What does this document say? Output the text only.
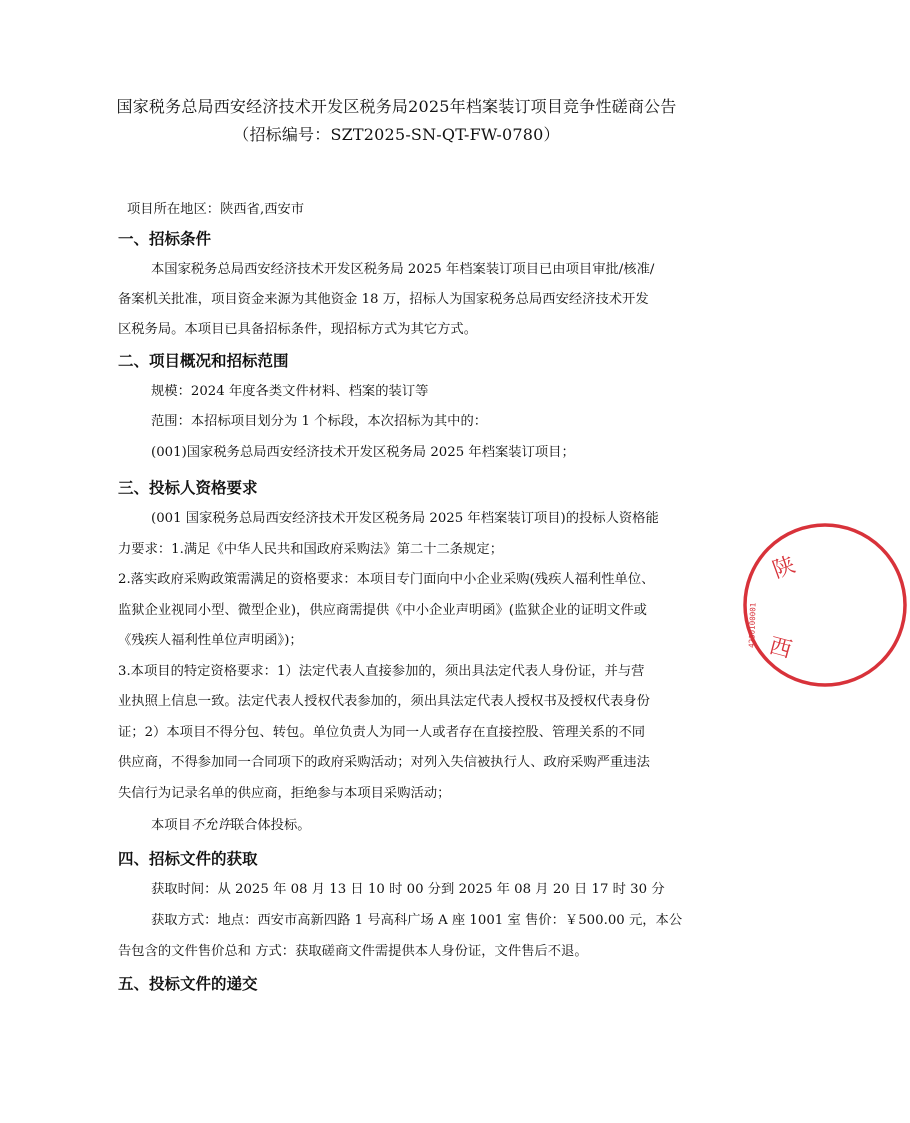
国家税务总局西安经济技术开发区税务局2025年档案装订项目竞争性磋商公告
（招标编号：SZT2025-SN-QT-FW-0780）
项目所在地区：陕西省,西安市
一、招标条件
本国家税务总局西安经济技术开发区税务局 2025 年档案装订项目已由项目审批/核准/
备案机关批准，项目资金来源为其他资金 18 万，招标人为国家税务总局西安经济技术开发
区税务局。本项目已具备招标条件，现招标方式为其它方式。
二、项目概况和招标范围
规模：2024 年度各类文件材料、档案的装订等
范围：本招标项目划分为 1 个标段，本次招标为其中的：
(001)国家税务总局西安经济技术开发区税务局 2025 年档案装订项目；
三、投标人资格要求
(001 国家税务总局西安经济技术开发区税务局 2025 年档案装订项目)的投标人资格能
力要求：1.满足《中华人民共和国政府采购法》第二十二条规定；
2.落实政府采购政策需满足的资格要求：本项目专门面向中小企业采购(残疾人福利性单位、
监狱企业视同小型、微型企业)，供应商需提供《中小企业声明函》(监狱企业的证明文件或
《残疾人福利性单位声明函》)；
3.本项目的特定资格要求：1）法定代表人直接参加的，须出具法定代表人身份证，并与营
业执照上信息一致。法定代表人授权代表参加的，须出具法定代表人授权书及授权代表身份
证；2）本项目不得分包、转包。单位负责人为同一人或者存在直接控股、管理关系的不同
供应商，不得参加同一合同项下的政府采购活动；对列入失信被执行人、政府采购严重违法
失信行为记录名单的供应商，拒绝参与本项目采购活动；
本项目不允许联合体投标。
四、招标文件的获取
获取时间：从 2025 年 08 月 13 日 10 时 00 分到 2025 年 08 月 20 日 17 时 30 分
获取方式：地点：西安市高新四路 1 号高科广场 A 座 1001 室 售价：￥500.00 元，本公
告包含的文件售价总和 方式：获取磋商文件需提供本人身份证，文件售后不退。
五、投标文件的递交
陕
西
4230100001
